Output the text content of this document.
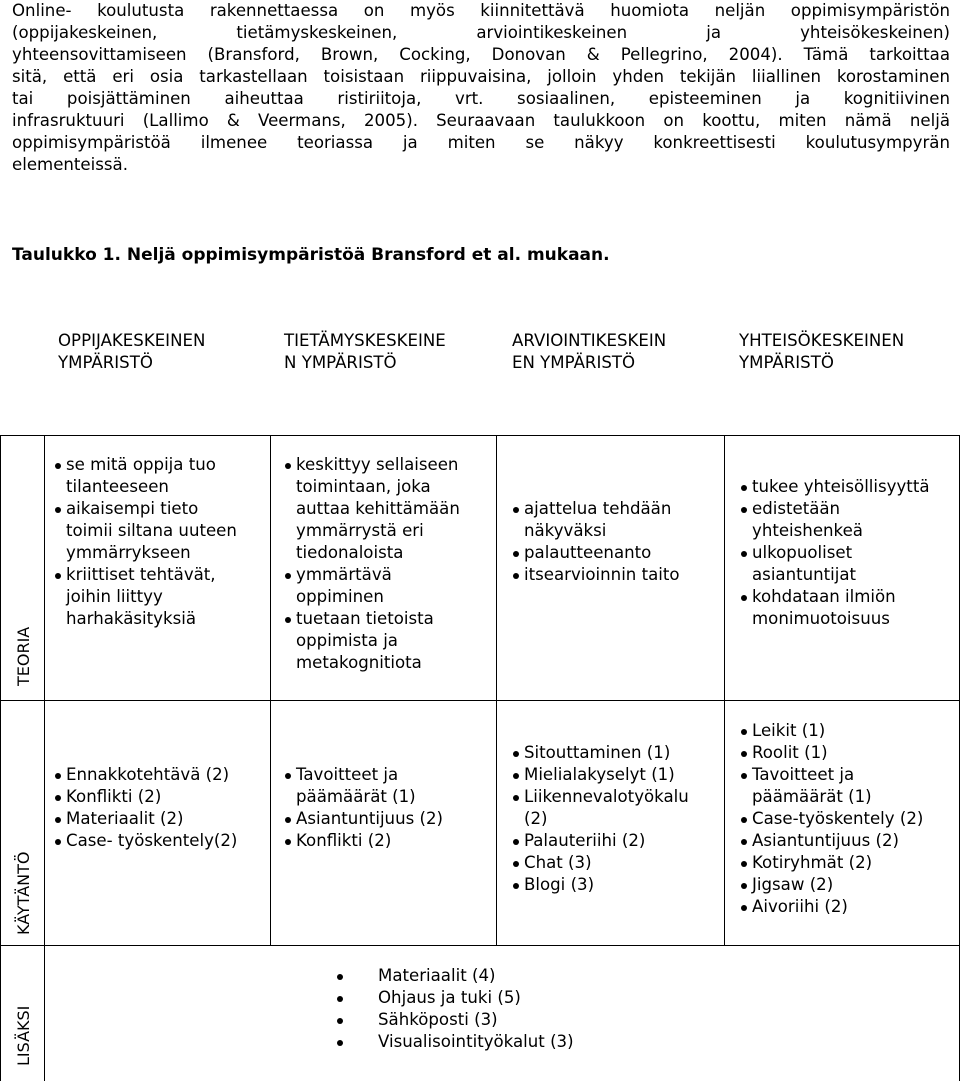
Online- koulutusta rakennettaessa on myös kiinnitettävä huomiota neljän oppimisympäristön
(oppijakeskeinen, tietämyskeskeinen, arviointikeskeinen ja yhteisökeskeinen)
yhteensovittamiseen (Bransford, Brown, Cocking, Donovan & Pellegrino, 2004). Tämä tarkoittaa
sitä, että eri osia tarkastellaan toisistaan riippuvaisina, jolloin yhden tekijän liiallinen korostaminen
tai poisjättäminen aiheuttaa ristiriitoja, vrt. sosiaalinen, episteeminen ja kognitiivinen
infrasruktuuri (Lallimo & Veermans, 2005). Seuraavaan taulukkoon on koottu, miten nämä neljä
oppimisympäristöä ilmenee teoriassa ja miten se näkyy konkreettisesti koulutusympyrän
elementeissä.
Taulukko 1. Neljä oppimisympäristöä Bransford et al. mukaan.
OPPIJAKESKEINEN
YMPÄRISTÖ
TIETÄMYSKESKEINE
N YMPÄRISTÖ
ARVIOINTIKESKEIN
EN YMPÄRISTÖ
YHTEISÖKESKEINEN
YMPÄRISTÖ
TEORIA
KÄYTÄNTÖ
LISÄKSI
se mitä oppija tuo
tilanteeseen
aikaisempi tieto
toimii siltana uuteen
ymmärrykseen
kriittiset tehtävät,
joihin liittyy
harhakäsityksiä
keskittyy sellaiseen
toimintaan, joka
auttaa kehittämään
ymmärrystä eri
tiedonaloista
ymmärtävä
oppiminen
tuetaan tietoista
oppimista ja
metakognitiota
ajattelua tehdään
näkyväksi
palautteenanto
itsearvioinnin taito
tukee yhteisöllisyyttä
edistetään
yhteishenkeä
ulkopuoliset
asiantuntijat
kohdataan ilmiön
monimuotoisuus
Ennakkotehtävä (2)
Konflikti (2)
Materiaalit (2)
Case- työskentely(2)
Tavoitteet ja
päämäärät (1)
Asiantuntijuus (2)
Konflikti (2)
Sitouttaminen (1)
Mielialakyselyt (1)
Liikennevalotyökalu
(2)
Palauteriihi (2)
Chat (3)
Blogi (3)
Leikit (1)
Roolit (1)
Tavoitteet ja
päämäärät (1)
Case-työskentely (2)
Asiantuntijuus (2)
Kotiryhmät (2)
Jigsaw (2)
Aivoriihi (2)
Materiaalit (4)
Ohjaus ja tuki (5)
Sähköposti (3)
Visualisointityökalut (3)
